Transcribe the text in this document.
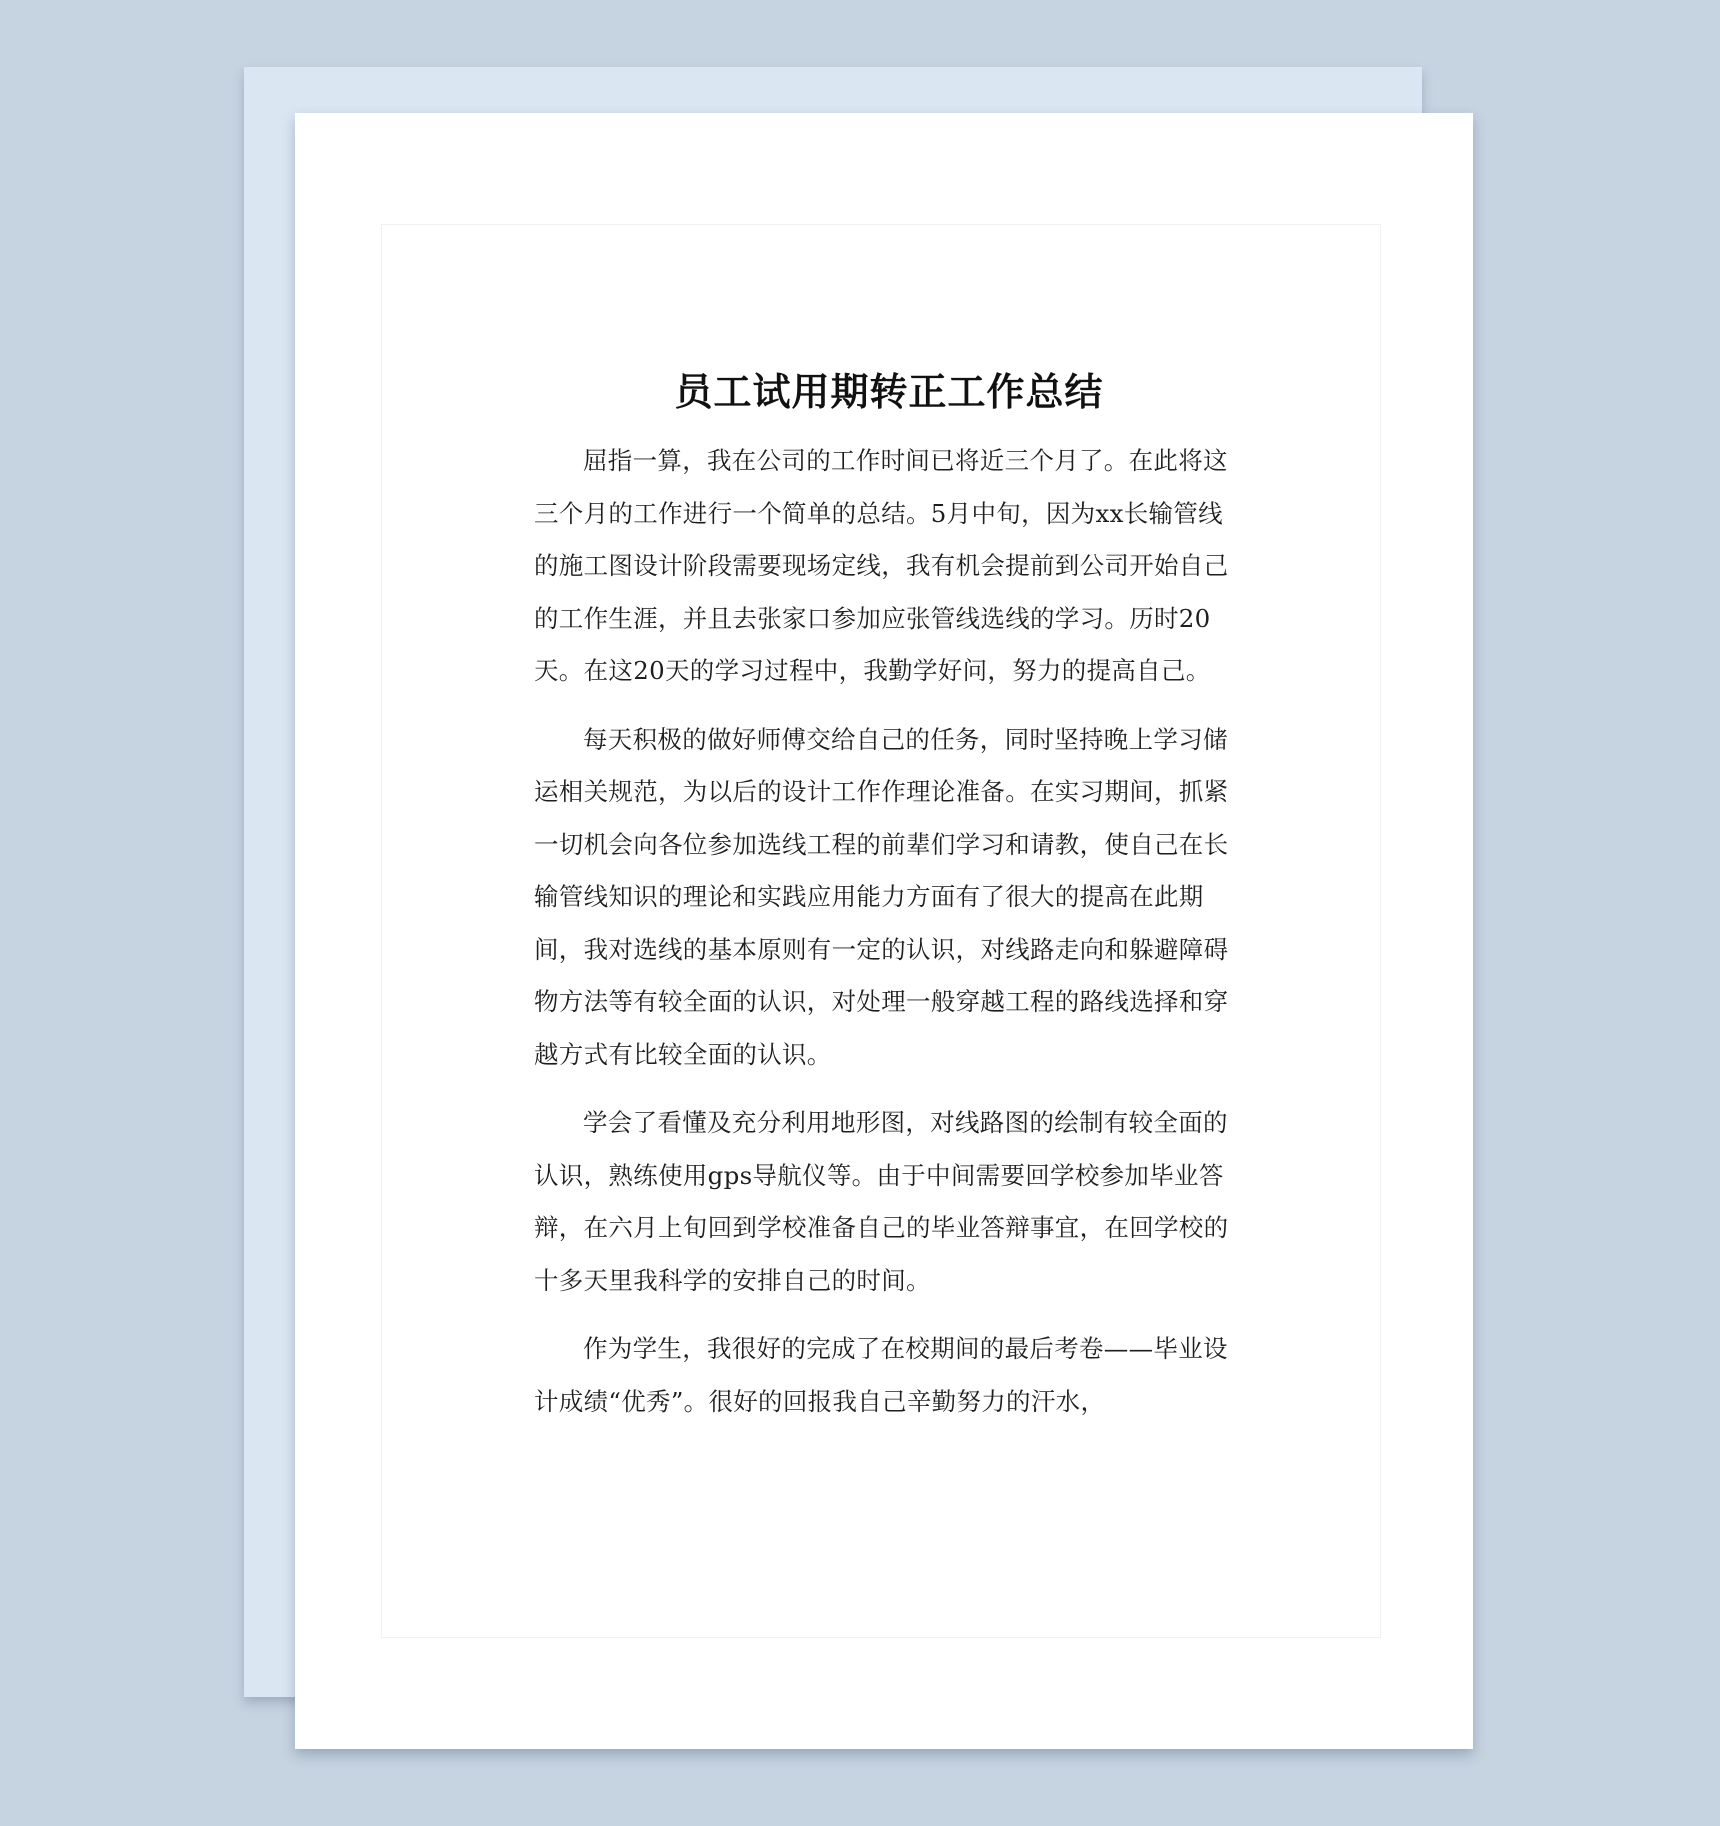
员工试用期转正工作总结

屈指一算，我在公司的工作时间已将近三个月了。在此将这三个月的工作进行一个简单的总结。5月中旬，因为xx长输管线的施工图设计阶段需要现场定线，我有机会提前到公司开始自己的工作生涯，并且去张家口参加应张管线选线的学习。历时20天。在这20天的学习过程中，我勤学好问，努力的提高自己。

每天积极的做好师傅交给自己的任务，同时坚持晚上学习储运相关规范，为以后的设计工作作理论准备。在实习期间，抓紧一切机会向各位参加选线工程的前辈们学习和请教，使自己在长输管线知识的理论和实践应用能力方面有了很大的提高在此期间，我对选线的基本原则有一定的认识，对线路走向和躲避障碍物方法等有较全面的认识，对处理一般穿越工程的路线选择和穿越方式有比较全面的认识。

学会了看懂及充分利用地形图，对线路图的绘制有较全面的认识，熟练使用gps导航仪等。由于中间需要回学校参加毕业答辩，在六月上旬回到学校准备自己的毕业答辩事宜，在回学校的十多天里我科学的安排自己的时间。

作为学生，我很好的完成了在校期间的最后考卷——毕业设计成绩“优秀”。很好的回报我自己辛勤努力的汗水，
